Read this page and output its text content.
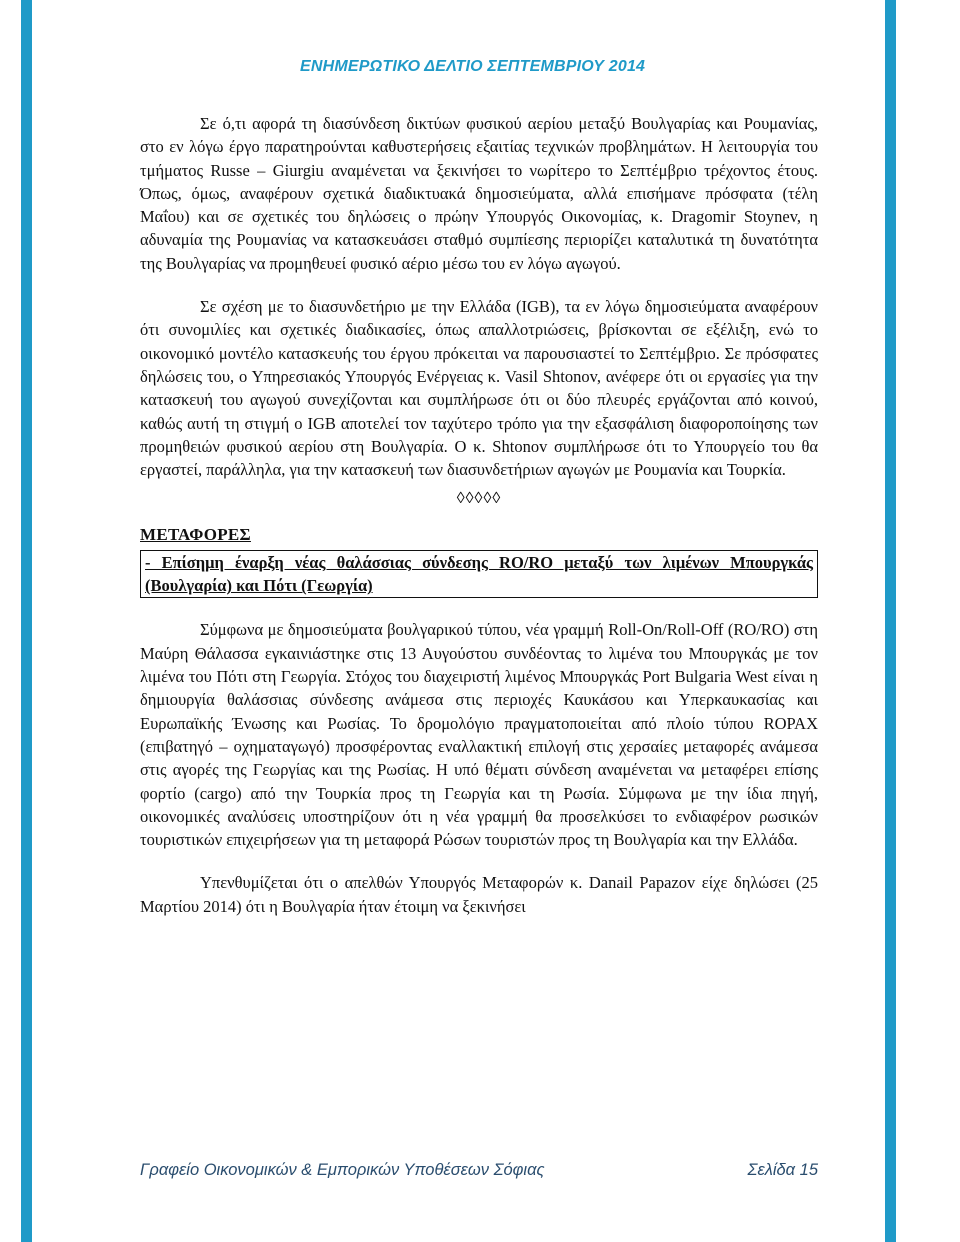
ΕΝΗΜΕΡΩΤΙΚΟ ΔΕΛΤΙΟ ΣΕΠΤΕΜΒΡΙΟΥ 2014

Σε ό,τι αφορά τη διασύνδεση δικτύων φυσικού αερίου μεταξύ Βουλγαρίας και Ρουμανίας, στο εν λόγω έργο παρατηρούνται καθυστερήσεις εξαιτίας τεχνικών προβλημάτων. Η λειτουργία του τμήματος Russe – Giurgiu αναμένεται να ξεκινήσει το νωρίτερο το Σεπτέμβριο τρέχοντος έτους. Όπως, όμως, αναφέρουν σχετικά διαδικτυακά δημοσιεύματα, αλλά επισήμανε πρόσφατα (τέλη Μαΐου) και σε σχετικές του δηλώσεις ο πρώην Υπουργός Οικονομίας, κ. Dragomir Stoynev, η αδυναμία της Ρουμανίας να κατασκευάσει σταθμό συμπίεσης περιορίζει καταλυτικά τη δυνατότητα της Βουλγαρίας να προμηθευεί φυσικό αέριο μέσω του εν λόγω αγωγού.

Σε σχέση με το διασυνδετήριο με την Ελλάδα (IGB), τα εν λόγω δημοσιεύματα αναφέρουν ότι συνομιλίες και σχετικές διαδικασίες, όπως απαλλοτριώσεις, βρίσκονται σε εξέλιξη, ενώ το οικονομικό μοντέλο κατασκευής του έργου πρόκειται να παρουσιαστεί το Σεπτέμβριο. Σε πρόσφατες δηλώσεις του, ο Υπηρεσιακός Υπουργός Ενέργειας κ. Vasil Shtonov, ανέφερε ότι οι εργασίες για την κατασκευή του αγωγού συνεχίζονται και συμπλήρωσε ότι οι δύο πλευρές εργάζονται από κοινού, καθώς αυτή τη στιγμή ο IGB αποτελεί τον ταχύτερο τρόπο για την εξασφάλιση διαφοροποίησης των προμηθειών φυσικού αερίου στη Βουλγαρία. Ο κ. Shtonov συμπλήρωσε ότι το Υπουργείο του θα εργαστεί, παράλληλα, για την κατασκευή των διασυνδετήριων αγωγών με Ρουμανία και Τουρκία.

◊◊◊◊◊
ΜΕΤΑΦΟΡΕΣ
- Επίσημη έναρξη νέας θαλάσσιας σύνδεσης RO/RO μεταξύ των λιμένων Μπουργκάς (Βουλγαρία) και Πότι (Γεωργία)

Σύμφωνα με δημοσιεύματα βουλγαρικού τύπου, νέα γραμμή Roll-On/Roll-Off (RO/RO) στη Μαύρη Θάλασσα εγκαινιάστηκε στις 13 Αυγούστου συνδέοντας το λιμένα του Μπουργκάς με τον λιμένα του Πότι στη Γεωργία. Στόχος του διαχειριστή λιμένος Μπουργκάς Port Bulgaria West είναι η δημιουργία θαλάσσιας σύνδεσης ανάμεσα στις περιοχές Καυκάσου και Υπερκαυκασίας και Ευρωπαϊκής Ένωσης και Ρωσίας. Το δρομολόγιο πραγματοποιείται από πλοίο τύπου ROPAX (επιβατηγό – οχηματαγωγό) προσφέροντας εναλλακτική επιλογή στις χερσαίες μεταφορές ανάμεσα στις αγορές της Γεωργίας και της Ρωσίας. Η υπό θέματι σύνδεση αναμένεται να μεταφέρει επίσης φορτίο (cargo) από την Τουρκία προς τη Γεωργία και τη Ρωσία. Σύμφωνα με την ίδια πηγή, οικονομικές αναλύσεις υποστηρίζουν ότι η νέα γραμμή θα προσελκύσει το ενδιαφέρον ρωσικών τουριστικών επιχειρήσεων για τη μεταφορά Ρώσων τουριστών προς τη Βουλγαρία και την Ελλάδα.

Υπενθυμίζεται ότι ο απελθών Υπουργός Μεταφορών κ. Danail Papazov είχε δηλώσει (25 Μαρτίου 2014) ότι η Βουλγαρία ήταν έτοιμη να ξεκινήσει

Γραφείο Οικονομικών & Εμπορικών Υποθέσεων Σόφιας	Σελίδα 15
